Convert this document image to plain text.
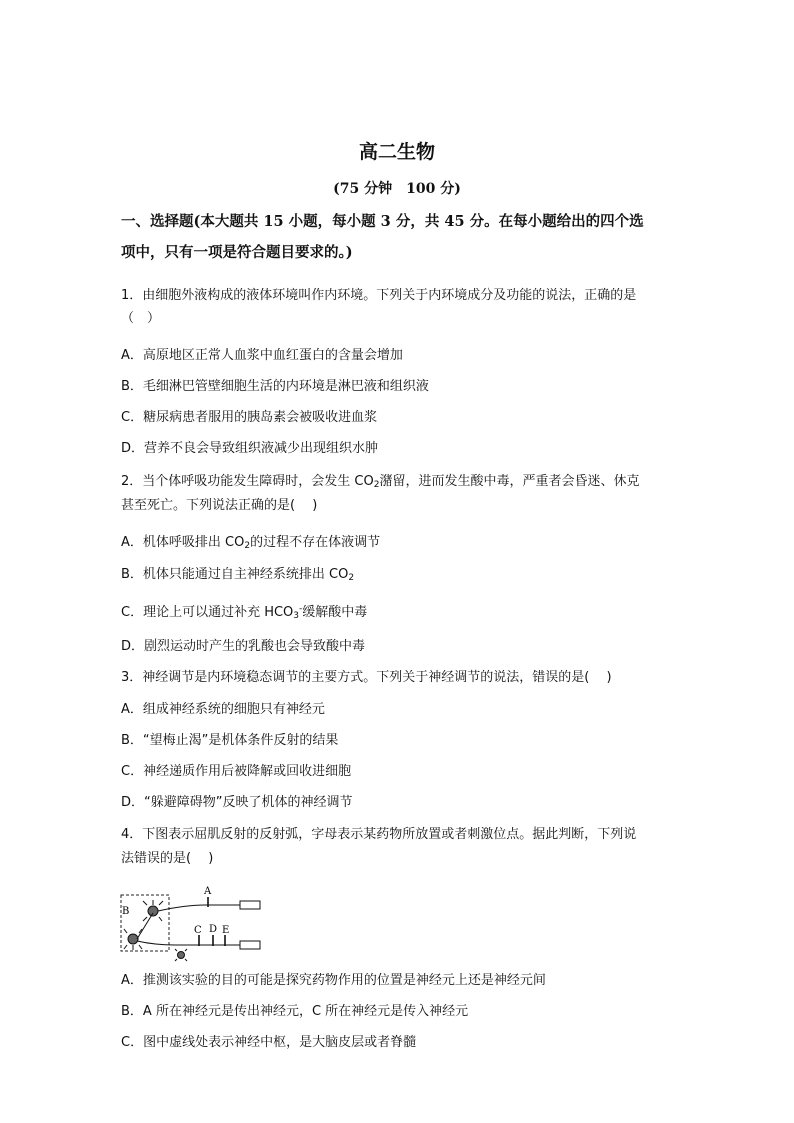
高二生物
(75 分钟　100 分)
一、选择题(本大题共 15 小题，每小题 3 分，共 45 分。在每小题给出的四个选
项中，只有一项是符合题目要求的。)
1．由细胞外液构成的液体环境叫作内环境。下列关于内环境成分及功能的说法，正确的是
（　）
A．高原地区正常人血浆中血红蛋白的含量会增加
B．毛细淋巴管壁细胞生活的内环境是淋巴液和组织液
C．糖尿病患者服用的胰岛素会被吸收进血浆
D．营养不良会导致组织液减少出现组织水肿
2．当个体呼吸功能发生障碍时，会发生 $CO_2$潴留，进而发生酸中毒，严重者会昏迷、休克
甚至死亡。下列说法正确的是(　 )
A．机体呼吸排出 $CO_2$的过程不存在体液调节
B．机体只能通过自主神经系统排出 $CO_2$
C．理论上可以通过补充 $HCO_3^-$缓解酸中毒
D．剧烈运动时产生的乳酸也会导致酸中毒
3．神经调节是内环境稳态调节的主要方式。下列关于神经调节的说法，错误的是(　 )
A．组成神经系统的细胞只有神经元
B．“望梅止渴”是机体条件反射的结果
C．神经递质作用后被降解或回收进细胞
D．“躲避障碍物”反映了机体的神经调节
4．下图表示屈肌反射的反射弧，字母表示某药物所放置或者刺激位点。据此判断，下列说
法错误的是(　 )
A
B
C D E
A．推测该实验的目的可能是探究药物作用的位置是神经元上还是神经元间
B．A 所在神经元是传出神经元，C 所在神经元是传入神经元
C．图中虚线处表示神经中枢，是大脑皮层或者脊髓
